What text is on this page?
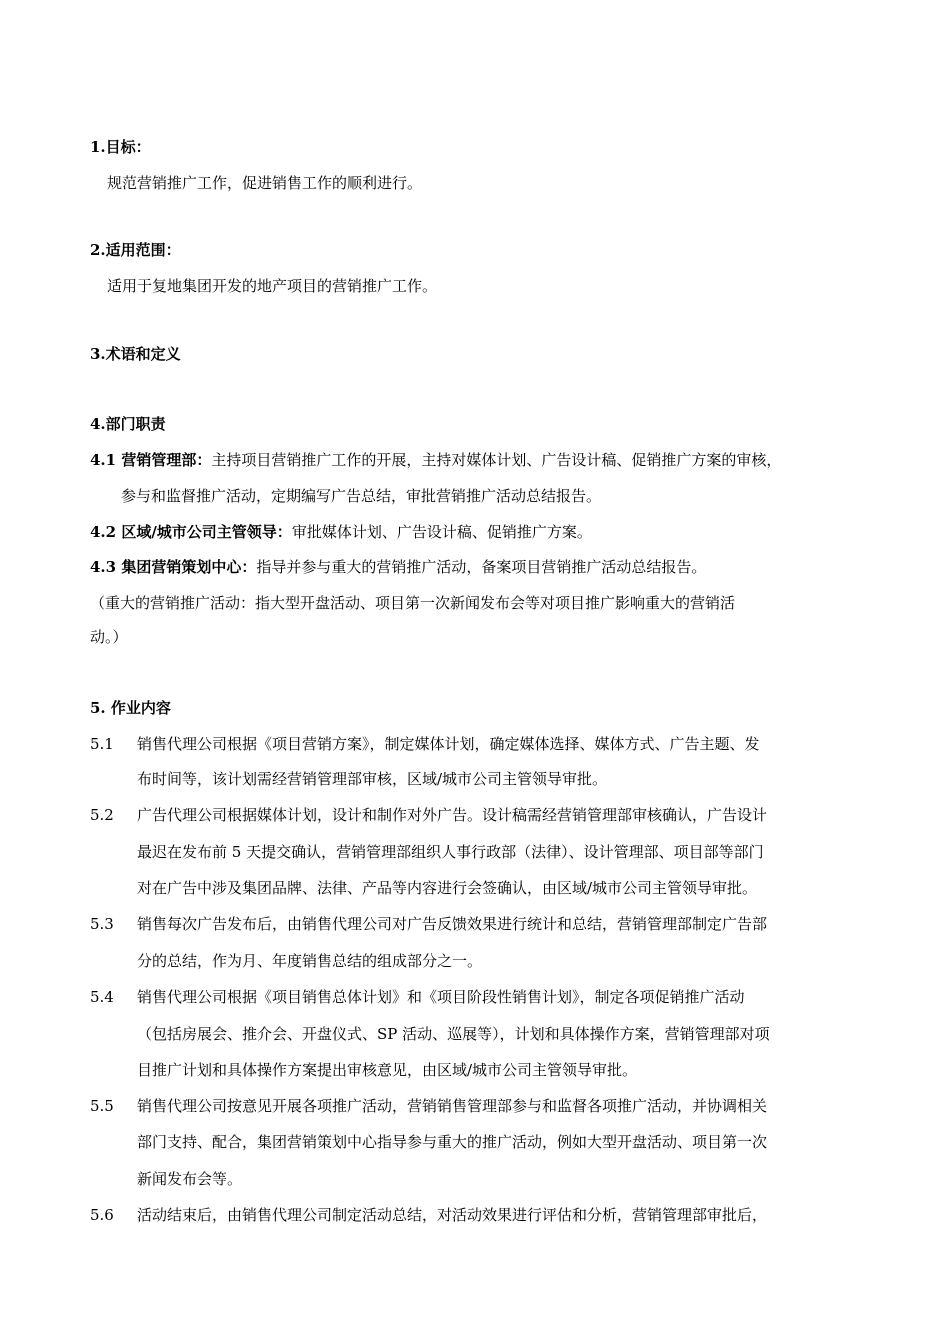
1.目标：
规范营销推广工作，促进销售工作的顺利进行。
2.适用范围：
适用于复地集团开发的地产项目的营销推广工作。
3.术语和定义
4.部门职责
4.1 营销管理部：主持项目营销推广工作的开展，主持对媒体计划、广告设计稿、促销推广方案的审核，
参与和监督推广活动，定期编写广告总结，审批营销推广活动总结报告。
4.2 区域/城市公司主管领导：审批媒体计划、广告设计稿、促销推广方案。
4.3 集团营销策划中心：指导并参与重大的营销推广活动，备案项目营销推广活动总结报告。
（重大的营销推广活动：指大型开盘活动、项目第一次新闻发布会等对项目推广影响重大的营销活
动。）
5. 作业内容
5.1 销售代理公司根据《项目营销方案》，制定媒体计划，确定媒体选择、媒体方式、广告主题、发
布时间等，该计划需经营销管理部审核，区域/城市公司主管领导审批。
5.2 广告代理公司根据媒体计划，设计和制作对外广告。设计稿需经营销管理部审核确认，广告设计
最迟在发布前 5 天提交确认，营销管理部组织人事行政部（法律）、设计管理部、项目部等部门
对在广告中涉及集团品牌、法律、产品等内容进行会签确认，由区域/城市公司主管领导审批。
5.3 销售每次广告发布后，由销售代理公司对广告反馈效果进行统计和总结，营销管理部制定广告部
分的总结，作为月、年度销售总结的组成部分之一。
5.4 销售代理公司根据《项目销售总体计划》和《项目阶段性销售计划》，制定各项促销推广活动
（包括房展会、推介会、开盘仪式、SP 活动、巡展等），计划和具体操作方案，营销管理部对项
目推广计划和具体操作方案提出审核意见，由区域/城市公司主管领导审批。
5.5 销售代理公司按意见开展各项推广活动，营销销售管理部参与和监督各项推广活动，并协调相关
部门支持、配合，集团营销策划中心指导参与重大的推广活动，例如大型开盘活动、项目第一次
新闻发布会等。
5.6 活动结束后，由销售代理公司制定活动总结，对活动效果进行评估和分析，营销管理部审批后，
